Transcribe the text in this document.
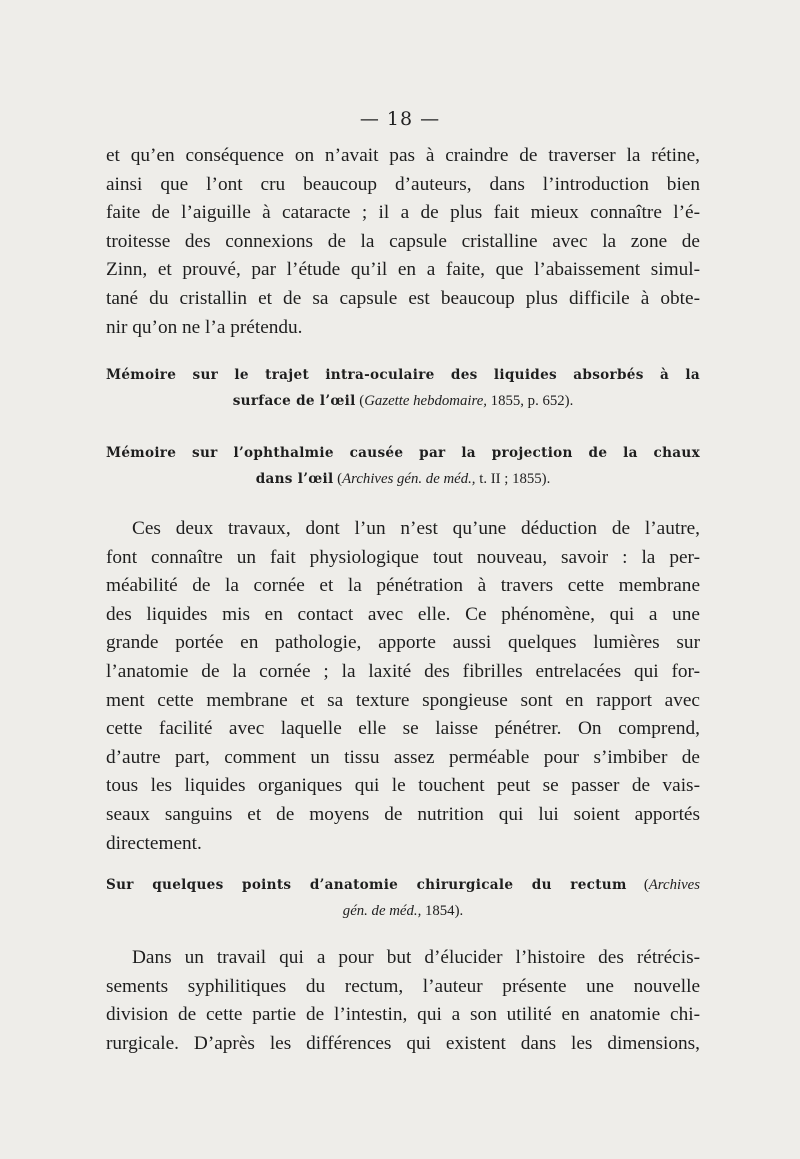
— 18 —
et qu’en conséquence on n’avait pas à craindre de traverser la rétine,
ainsi que l’ont cru beaucoup d’auteurs, dans l’introduction bien
faite de l’aiguille à cataracte ; il a de plus fait mieux connaître l’é-
troitesse des connexions de la capsule cristalline avec la zone de
Zinn, et prouvé, par l’étude qu’il en a faite, que l’abaissement simul-
tané du cristallin et de sa capsule est beaucoup plus difficile à obte-
nir qu’on ne l’a prétendu.
Mémoire sur le trajet intra-oculaire des liquides absorbés à la
surface de l’œil (Gazette hebdomaire, 1855, p. 652).
Mémoire sur l’ophthalmie causée par la projection de la chaux
dans l’œil (Archives gén. de méd., t. II ; 1855).
Ces deux travaux, dont l’un n’est qu’une déduction de l’autre,
font connaître un fait physiologique tout nouveau, savoir : la per-
méabilité de la cornée et la pénétration à travers cette membrane
des liquides mis en contact avec elle. Ce phénomène, qui a une
grande portée en pathologie, apporte aussi quelques lumières sur
l’anatomie de la cornée ; la laxité des fibrilles entrelacées qui for-
ment cette membrane et sa texture spongieuse sont en rapport avec
cette facilité avec laquelle elle se laisse pénétrer. On comprend,
d’autre part, comment un tissu assez perméable pour s’imbiber de
tous les liquides organiques qui le touchent peut se passer de vais-
seaux sanguins et de moyens de nutrition qui lui soient apportés
directement.
Sur quelques points d’anatomie chirurgicale du rectum (Archives
gén. de méd., 1854).
Dans un travail qui a pour but d’élucider l’histoire des rétrécis-
sements syphilitiques du rectum, l’auteur présente une nouvelle
division de cette partie de l’intestin, qui a son utilité en anatomie chi-
rurgicale. D’après les différences qui existent dans les dimensions,
